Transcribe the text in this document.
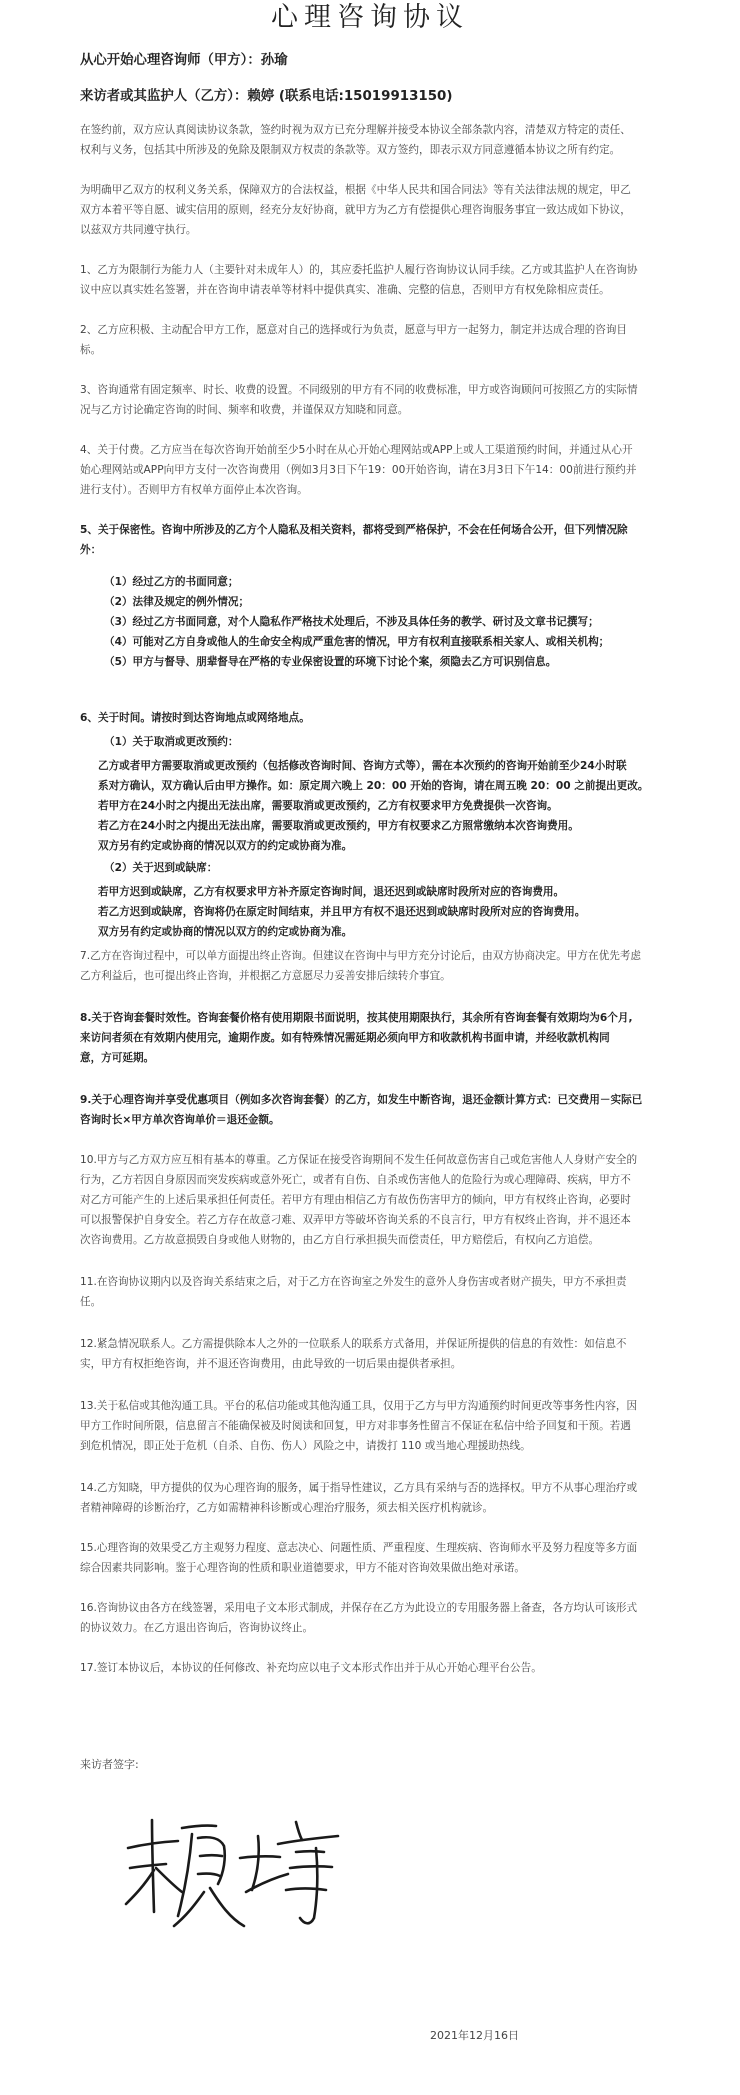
心理咨询协议
从心开始心理咨询师（甲方）：孙瑜
来访者或其监护人（乙方）：赖婷 (联系电话:15019913150)
在签约前，双方应认真阅读协议条款，签约时视为双方已充分理解并接受本协议全部条款内容，清楚双方特定的责任、
权利与义务，包括其中所涉及的免除及限制双方权责的条款等。双方签约，即表示双方同意遵循本协议之所有约定。
为明确甲乙双方的权利义务关系，保障双方的合法权益，根据《中华人民共和国合同法》等有关法律法规的规定，甲乙
双方本着平等自愿、诚实信用的原则，经充分友好协商，就甲方为乙方有偿提供心理咨询服务事宜一致达成如下协议，
以兹双方共同遵守执行。
1、乙方为限制行为能力人（主要针对未成年人）的，其应委托监护人履行咨询协议认同手续。乙方或其监护人在咨询协
议中应以真实姓名签署，并在咨询申请表单等材料中提供真实、准确、完整的信息，否则甲方有权免除相应责任。
2、乙方应积极、主动配合甲方工作，愿意对自己的选择或行为负责，愿意与甲方一起努力，制定并达成合理的咨询目
标。
3、咨询通常有固定频率、时长、收费的设置。不同级别的甲方有不同的收费标准，甲方或咨询顾问可按照乙方的实际情
况与乙方讨论确定咨询的时间、频率和收费，并谨保双方知晓和同意。
4、关于付费。乙方应当在每次咨询开始前至少5小时在从心开始心理网站或APP上或人工渠道预约时间，并通过从心开
始心理网站或APP向甲方支付一次咨询费用（例如3月3日下午19：00开始咨询，请在3月3日下午14：00前进行预约并
进行支付）。否则甲方有权单方面停止本次咨询。
5、关于保密性。咨询中所涉及的乙方个人隐私及相关资料，都将受到严格保护，不会在任何场合公开，但下列情况除
外：
（1）经过乙方的书面同意；
（2）法律及规定的例外情况；
（3）经过乙方书面同意，对个人隐私作严格技术处理后，不涉及具体任务的教学、研讨及文章书记撰写；
（4）可能对乙方自身或他人的生命安全构成严重危害的情况，甲方有权利直接联系相关家人、或相关机构；
（5）甲方与督导、朋辈督导在严格的专业保密设置的环境下讨论个案，须隐去乙方可识别信息。
6、关于时间。请按时到达咨询地点或网络地点。
（1）关于取消或更改预约：
乙方或者甲方需要取消或更改预约（包括修改咨询时间、咨询方式等），需在本次预约的咨询开始前至少24小时联
系对方确认，双方确认后由甲方操作。如：原定周六晚上 20：00 开始的咨询，请在周五晚 20：00 之前提出更改。
若甲方在24小时之内提出无法出席，需要取消或更改预约，乙方有权要求甲方免费提供一次咨询。
若乙方在24小时之内提出无法出席，需要取消或更改预约，甲方有权要求乙方照常缴纳本次咨询费用。
双方另有约定或协商的情况以双方的约定或协商为准。
（2）关于迟到或缺席：
若甲方迟到或缺席，乙方有权要求甲方补齐原定咨询时间，退还迟到或缺席时段所对应的咨询费用。
若乙方迟到或缺席，咨询将仍在原定时间结束，并且甲方有权不退还迟到或缺席时段所对应的咨询费用。
双方另有约定或协商的情况以双方的约定或协商为准。
7.乙方在咨询过程中，可以单方面提出终止咨询。但建议在咨询中与甲方充分讨论后，由双方协商决定。甲方在优先考虑
乙方利益后，也可提出终止咨询，并根据乙方意愿尽力妥善安排后续转介事宜。
8.关于咨询套餐时效性。咨询套餐价格有使用期限书面说明，按其使用期限执行，其余所有咨询套餐有效期均为6个月,
来访问者须在有效期内使用完，逾期作废。如有特殊情况需延期必须向甲方和收款机构书面申请，并经收款机构同
意，方可延期。
9.关于心理咨询并享受优惠项目（例如多次咨询套餐）的乙方，如发生中断咨询，退还金额计算方式：已交费用－实际已
咨询时长×甲方单次咨询单价＝退还金额。
10.甲方与乙方双方应互相有基本的尊重。乙方保证在接受咨询期间不发生任何故意伤害自己或危害他人人身财产安全的
行为，乙方若因自身原因而突发疾病或意外死亡，或者有自伤、自杀或伤害他人的危险行为或心理障碍、疾病，甲方不
对乙方可能产生的上述后果承担任何责任。若甲方有理由相信乙方有故伤伤害甲方的倾向，甲方有权终止咨询，必要时
可以报警保护自身安全。若乙方存在故意刁难、双弄甲方等破坏咨询关系的不良言行，甲方有权终止咨询，并不退还本
次咨询费用。乙方故意损毁自身或他人财物的，由乙方自行承担损失而偿责任，甲方赔偿后，有权向乙方追偿。
11.在咨询协议期内以及咨询关系结束之后，对于乙方在咨询室之外发生的意外人身伤害或者财产损失，甲方不承担责
任。
12.紧急情况联系人。乙方需提供除本人之外的一位联系人的联系方式备用，并保证所提供的信息的有效性：如信息不
实，甲方有权拒绝咨询，并不退还咨询费用，由此导致的一切后果由提供者承担。
13.关于私信或其他沟通工具。平台的私信功能或其他沟通工具，仅用于乙方与甲方沟通预约时间更改等事务性内容，因
甲方工作时间所限，信息留言不能确保被及时阅读和回复，甲方对非事务性留言不保证在私信中给予回复和干预。若遇
到危机情况，即正处于危机（自杀、自伤、伤人）风险之中，请拨打 110 或当地心理援助热线。
14.乙方知晓，甲方提供的仅为心理咨询的服务，属于指导性建议，乙方具有采纳与否的选择权。甲方不从事心理治疗或
者精神障碍的诊断治疗，乙方如需精神科诊断或心理治疗服务，须去相关医疗机构就诊。
15.心理咨询的效果受乙方主观努力程度、意志决心、问题性质、严重程度、生理疾病、咨询师水平及努力程度等多方面
综合因素共同影响。鉴于心理咨询的性质和职业道德要求，甲方不能对咨询效果做出绝对承诺。
16.咨询协议由各方在线签署，采用电子文本形式制成，并保存在乙方为此设立的专用服务器上备查，各方均认可该形式
的协议效力。在乙方退出咨询后，咨询协议终止。
17.签订本协议后，本协议的任何修改、补充均应以电子文本形式作出并于从心开始心理平台公告。
来访者签字:
2021年12月16日
